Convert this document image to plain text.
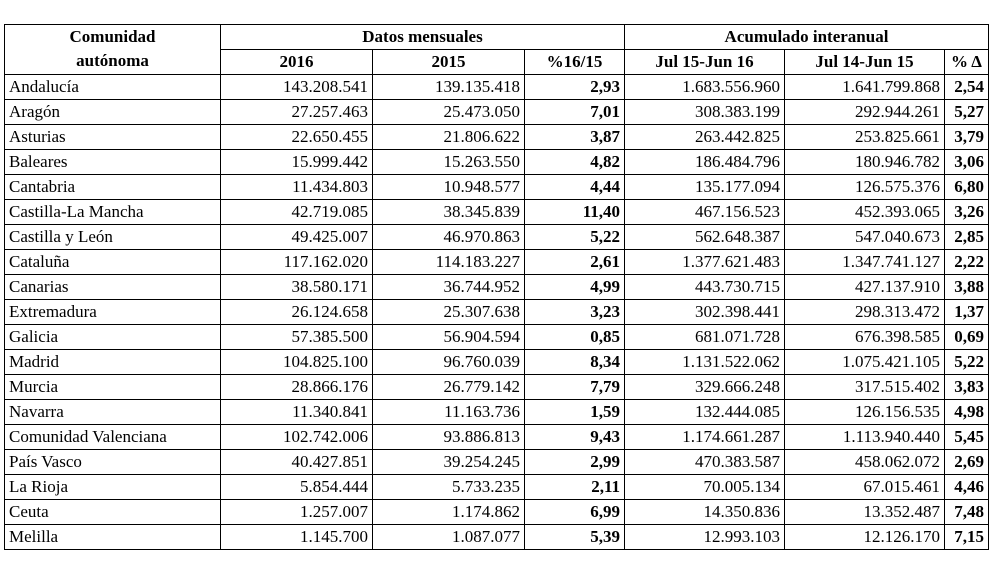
Comunidad
autónoma	Datos mensuales			Acumulado interanual		
	2016	2015	%16/15	Jul 15-Jun 16	Jul 14-Jun 15	% Δ
Andalucía	143.208.541	139.135.418	2,93	1.683.556.960	1.641.799.868	2,54
Aragón	27.257.463	25.473.050	7,01	308.383.199	292.944.261	5,27
Asturias	22.650.455	21.806.622	3,87	263.442.825	253.825.661	3,79
Baleares	15.999.442	15.263.550	4,82	186.484.796	180.946.782	3,06
Cantabria	11.434.803	10.948.577	4,44	135.177.094	126.575.376	6,80
Castilla-La Mancha	42.719.085	38.345.839	11,40	467.156.523	452.393.065	3,26
Castilla y León	49.425.007	46.970.863	5,22	562.648.387	547.040.673	2,85
Cataluña	117.162.020	114.183.227	2,61	1.377.621.483	1.347.741.127	2,22
Canarias	38.580.171	36.744.952	4,99	443.730.715	427.137.910	3,88
Extremadura	26.124.658	25.307.638	3,23	302.398.441	298.313.472	1,37
Galicia	57.385.500	56.904.594	0,85	681.071.728	676.398.585	0,69
Madrid	104.825.100	96.760.039	8,34	1.131.522.062	1.075.421.105	5,22
Murcia	28.866.176	26.779.142	7,79	329.666.248	317.515.402	3,83
Navarra	11.340.841	11.163.736	1,59	132.444.085	126.156.535	4,98
Comunidad Valenciana	102.742.006	93.886.813	9,43	1.174.661.287	1.113.940.440	5,45
País Vasco	40.427.851	39.254.245	2,99	470.383.587	458.062.072	2,69
La Rioja	5.854.444	5.733.235	2,11	70.005.134	67.015.461	4,46
Ceuta	1.257.007	1.174.862	6,99	14.350.836	13.352.487	7,48
Melilla	1.145.700	1.087.077	5,39	12.993.103	12.126.170	7,15
